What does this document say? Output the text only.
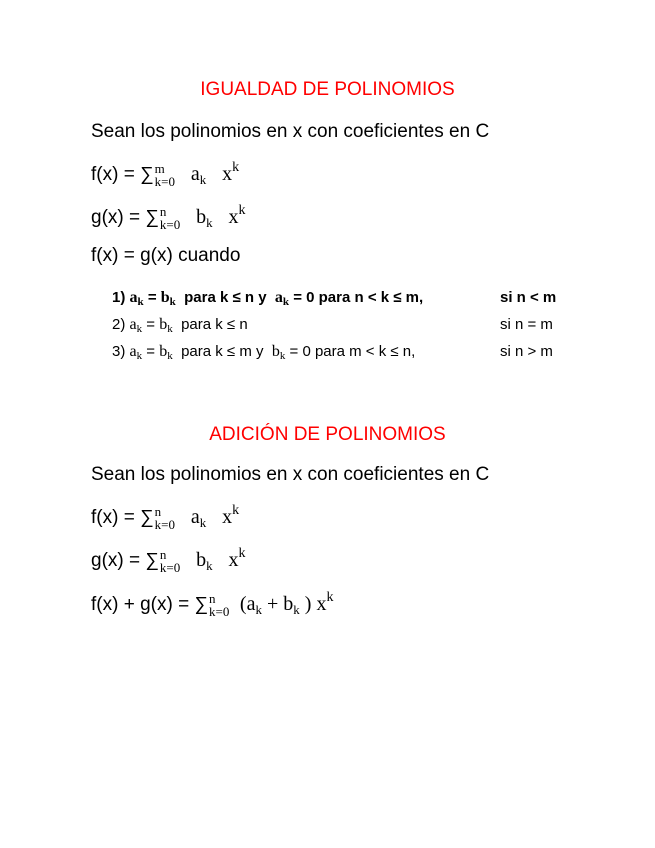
IGUALDAD DE POLINOMIOS
Sean los polinomios en x con coeficientes en C
f(x) = ∑ m
k=0 $a_k$ $x^k$
g(x) = ∑ n
k=0 $b_k$ $x^k$
f(x) = g(x) cuando
1) $a_k = b_k$ para k ≤ n y $a_k = 0$ para n < k ≤ m,	si n < m
2) $a_k = b_k$ para k ≤ n	si n = m
3) $a_k = b_k$ para k ≤ m y $b_k = 0$ para m < k ≤ n,	si n > m
ADICIÓN DE POLINOMIOS
Sean los polinomios en x con coeficientes en C
f(x) = ∑ n
k=0 $a_k$ $x^k$
g(x) = ∑ n
k=0 $b_k$ $x^k$
f(x) + g(x) = ∑ n
k=0 ($a_k + b_k$ ) $x^k$
